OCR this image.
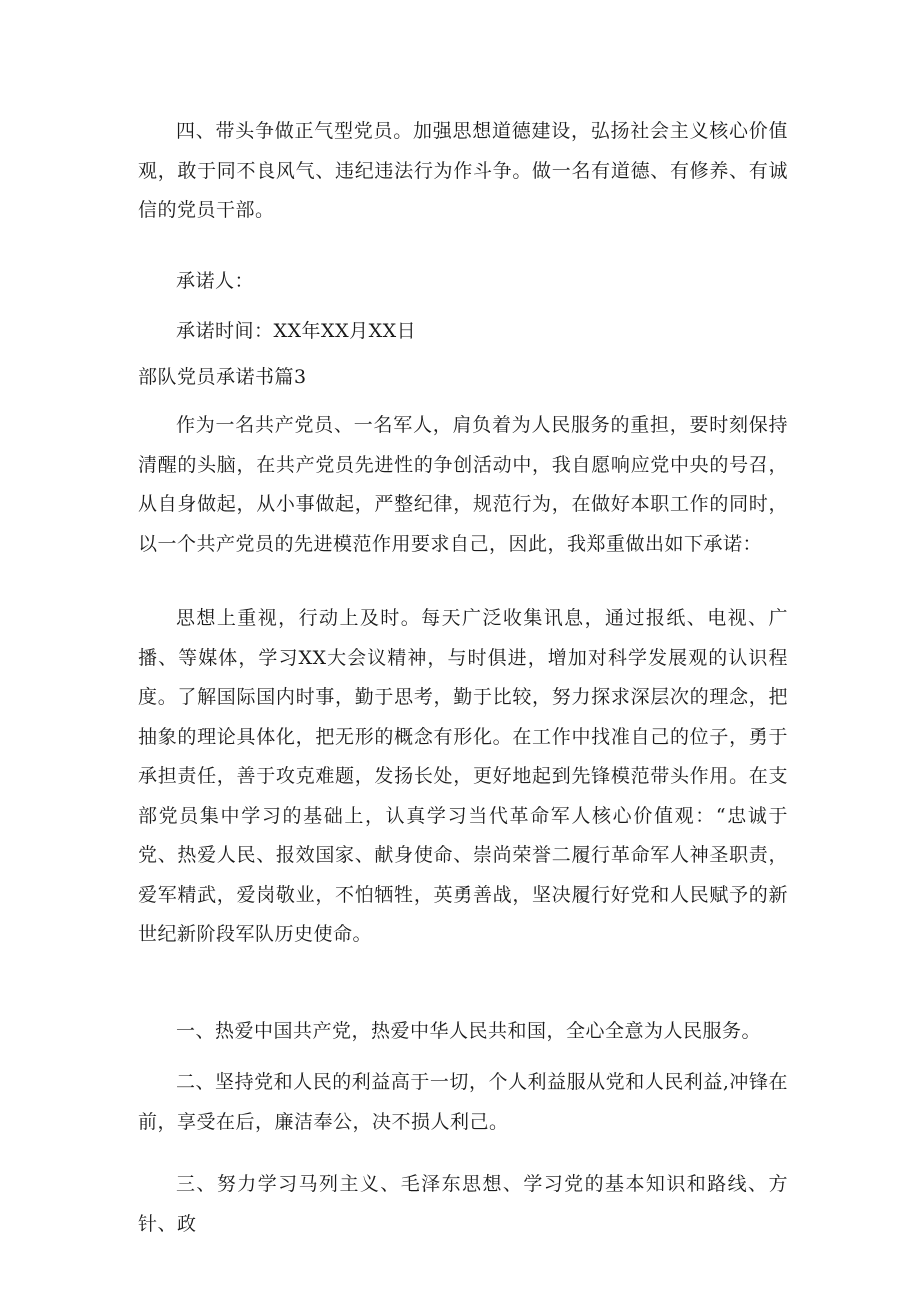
四、带头争做正气型党员。加强思想道德建设，弘扬社会主义核心价值观，敢于同不良风气、违纪违法行为作斗争。做一名有道德、有修养、有诚信的党员干部。

承诺人：

承诺时间：XX年XX月XX日

部队党员承诺书篇3

作为一名共产党员、一名军人，肩负着为人民服务的重担，要时刻保持清醒的头脑，在共产党员先进性的争创活动中，我自愿响应党中央的号召，从自身做起，从小事做起，严整纪律，规范行为，在做好本职工作的同时，以一个共产党员的先进模范作用要求自己，因此，我郑重做出如下承诺：

思想上重视，行动上及时。每天广泛收集讯息，通过报纸、电视、广播、等媒体，学习XX大会议精神，与时俱进，增加对科学发展观的认识程度。了解国际国内时事，勤于思考，勤于比较，努力探求深层次的理念，把抽象的理论具体化，把无形的概念有形化。在工作中找准自己的位子，勇于承担责任，善于攻克难题，发扬长处，更好地起到先锋模范带头作用。在支部党员集中学习的基础上，认真学习当代革命军人核心价值观：“忠诚于党、热爱人民、报效国家、献身使命、崇尚荣誉二履行革命军人神圣职责，爱军精武，爱岗敬业，不怕牺牲，英勇善战，坚决履行好党和人民赋予的新世纪新阶段军队历史使命。

一、热爱中国共产党，热爱中华人民共和国，全心全意为人民服务。

二、坚持党和人民的利益高于一切，个人利益服从党和人民利益,冲锋在前，享受在后，廉洁奉公，决不损人利己。

三、努力学习马列主义、毛泽东思想、学习党的基本知识和路线、方针、政
